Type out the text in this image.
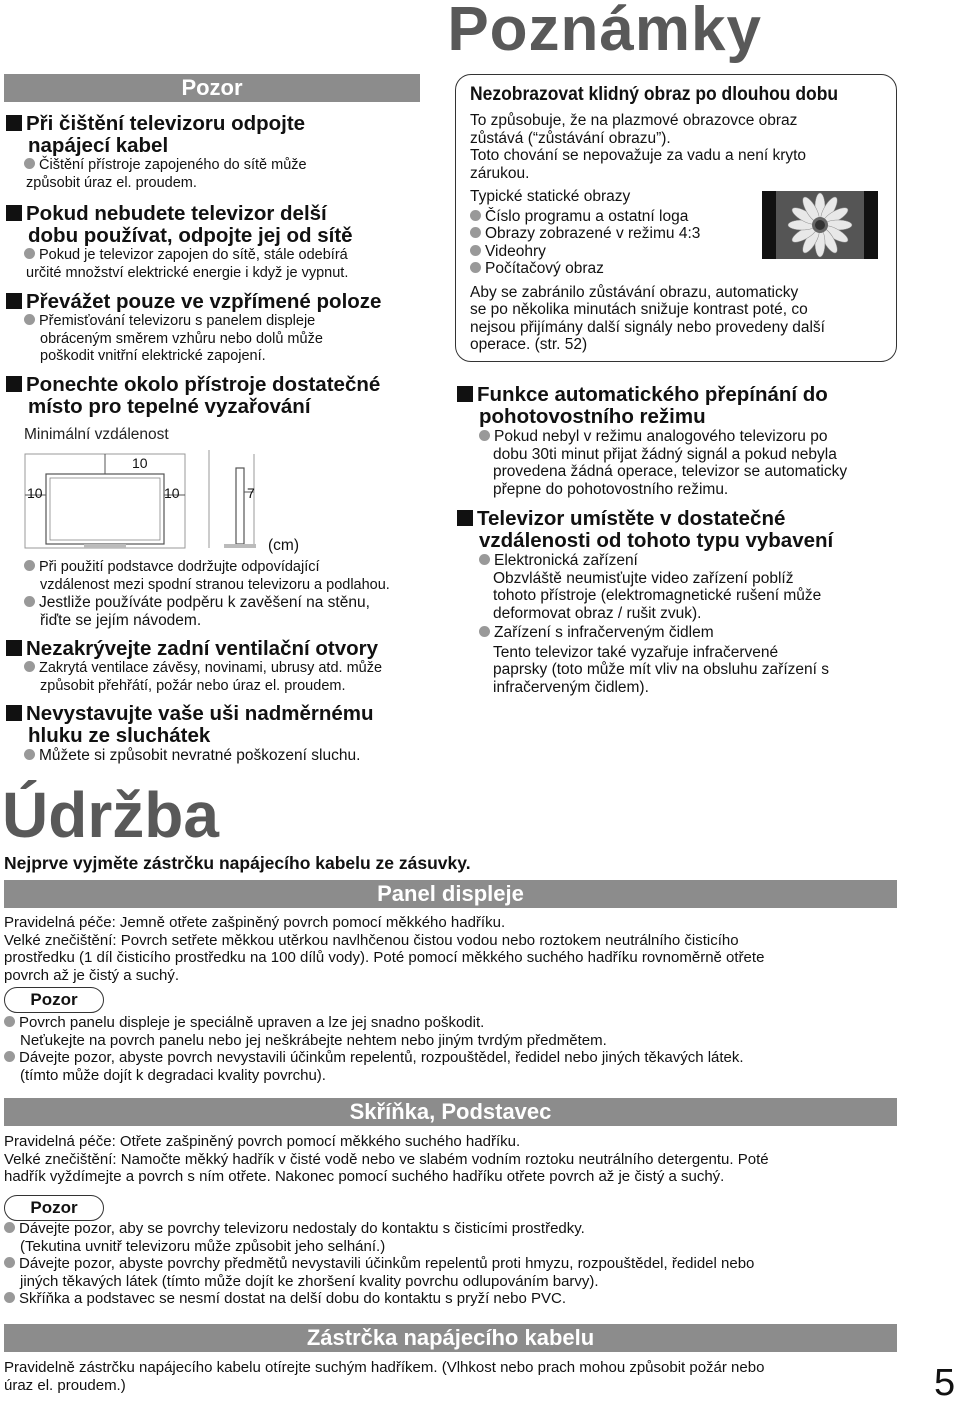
Poznámky
Pozor
Při čištění televizoru odpojte
napájecí kabel
Čištění přístroje zapojeného do sítě může
způsobit úraz el. proudem.
Pokud nebudete televizor delší
dobu používat, odpojte jej od sítě
Pokud je televizor zapojen do sítě, stále odebírá
určité množství elektrické energie i když je vypnut.
Převážet pouze ve vzpřímené poloze
Přemisťování televizoru s panelem displeje
obráceným směrem vzhůru nebo dolů může
poškodit vnitřní elektrické zapojení.
Ponechte okolo přístroje dostatečné
místo pro tepelné vyzařování
Minimální vzdálenost
10
10	10	7
(cm)
Při použití podstavce dodržujte odpovídající
vzdálenost mezi spodní stranou televizoru a podlahou.
Jestliže používáte podpěru k zavěšení na stěnu,
řiďte se jejím návodem.
Nezakrývejte zadní ventilační otvory
Zakrytá ventilace závěsy, novinami, ubrusy atd. může
způsobit přehřátí, požár nebo úraz el. proudem.
Nevystavujte vaše uši nadměrnému
hluku ze sluchátek
Můžete si způsobit nevratné poškození sluchu.
Nezobrazovat klidný obraz po dlouhou dobu
To způsobuje, že na plazmové obrazovce obraz
zůstává (“zůstávání obrazu”).
Toto chování se nepovažuje za vadu a není kryto
zárukou.
Typické statické obrazy
Číslo programu a ostatní loga
Obrazy zobrazené v režimu 4:3
Videohry
Počítačový obraz
Aby se zabránilo zůstávání obrazu, automaticky
se po několika minutách snižuje kontrast poté, co
nejsou přijímány další signály nebo provedeny další
operace. (str. 52)
Funkce automatického přepínání do
pohotovostního režimu
Pokud nebyl v režimu analogového televizoru po
dobu 30ti minut přijat žádný signál a pokud nebyla
provedena žádná operace, televizor se automaticky
přepne do pohotovostního režimu.
Televizor umístěte v dostatečné
vzdálenosti od tohoto typu vybavení
Elektronická zařízení
Obzvláště neumisťujte video zařízení poblíž
tohoto přístroje (elektromagnetické rušení může
deformovat obraz / rušit zvuk).
Zařízení s infračerveným čidlem
Tento televizor také vyzařuje infračervené
paprsky (toto může mít vliv na obsluhu zařízení s
infračerveným čidlem).
Údržba
Nejprve vyjměte zástrčku napájecího kabelu ze zásuvky.
Panel displeje
Pravidelná péče: Jemně otřete zašpiněný povrch pomocí měkkého hadříku.
Velké znečištění: Povrch setřete měkkou utěrkou navlhčenou čistou vodou nebo roztokem neutrálního čisticího
prostředku (1 díl čisticího prostředku na 100 dílů vody). Poté pomocí měkkého suchého hadříku rovnoměrně otřete
povrch až je čistý a suchý.
Pozor
Povrch panelu displeje je speciálně upraven a lze jej snadno poškodit.
Neťukejte na povrch panelu nebo jej neškrábejte nehtem nebo jiným tvrdým předmětem.
Dávejte pozor, abyste povrch nevystavili účinkům repelentů, rozpouštědel, ředidel nebo jiných těkavých látek.
(tímto může dojít k degradaci kvality povrchu).
Skříňka, Podstavec
Pravidelná péče: Otřete zašpiněný povrch pomocí měkkého suchého hadříku.
Velké znečištění: Namočte měkký hadřík v čisté vodě nebo ve slabém vodním roztoku neutrálního detergentu. Poté
hadřík vyždímejte a povrch s ním otřete. Nakonec pomocí suchého hadříku otřete povrch až je čistý a suchý.
Pozor
Dávejte pozor, aby se povrchy televizoru nedostaly do kontaktu s čisticími prostředky.
(Tekutina uvnitř televizoru může způsobit jeho selhání.)
Dávejte pozor, abyste povrchy předmětů nevystavili účinkům repelentů proti hmyzu, rozpouštědel, ředidel nebo
jiných těkavých látek (tímto může dojít ke zhoršení kvality povrchu odlupováním barvy).
Skříňka a podstavec se nesmí dostat na delší dobu do kontaktu s pryží nebo PVC.
Zástrčka napájecího kabelu
Pravidelně zástrčku napájecího kabelu otírejte suchým hadříkem. (Vlhkost nebo prach mohou způsobit požár nebo
úraz el. proudem.)	5
